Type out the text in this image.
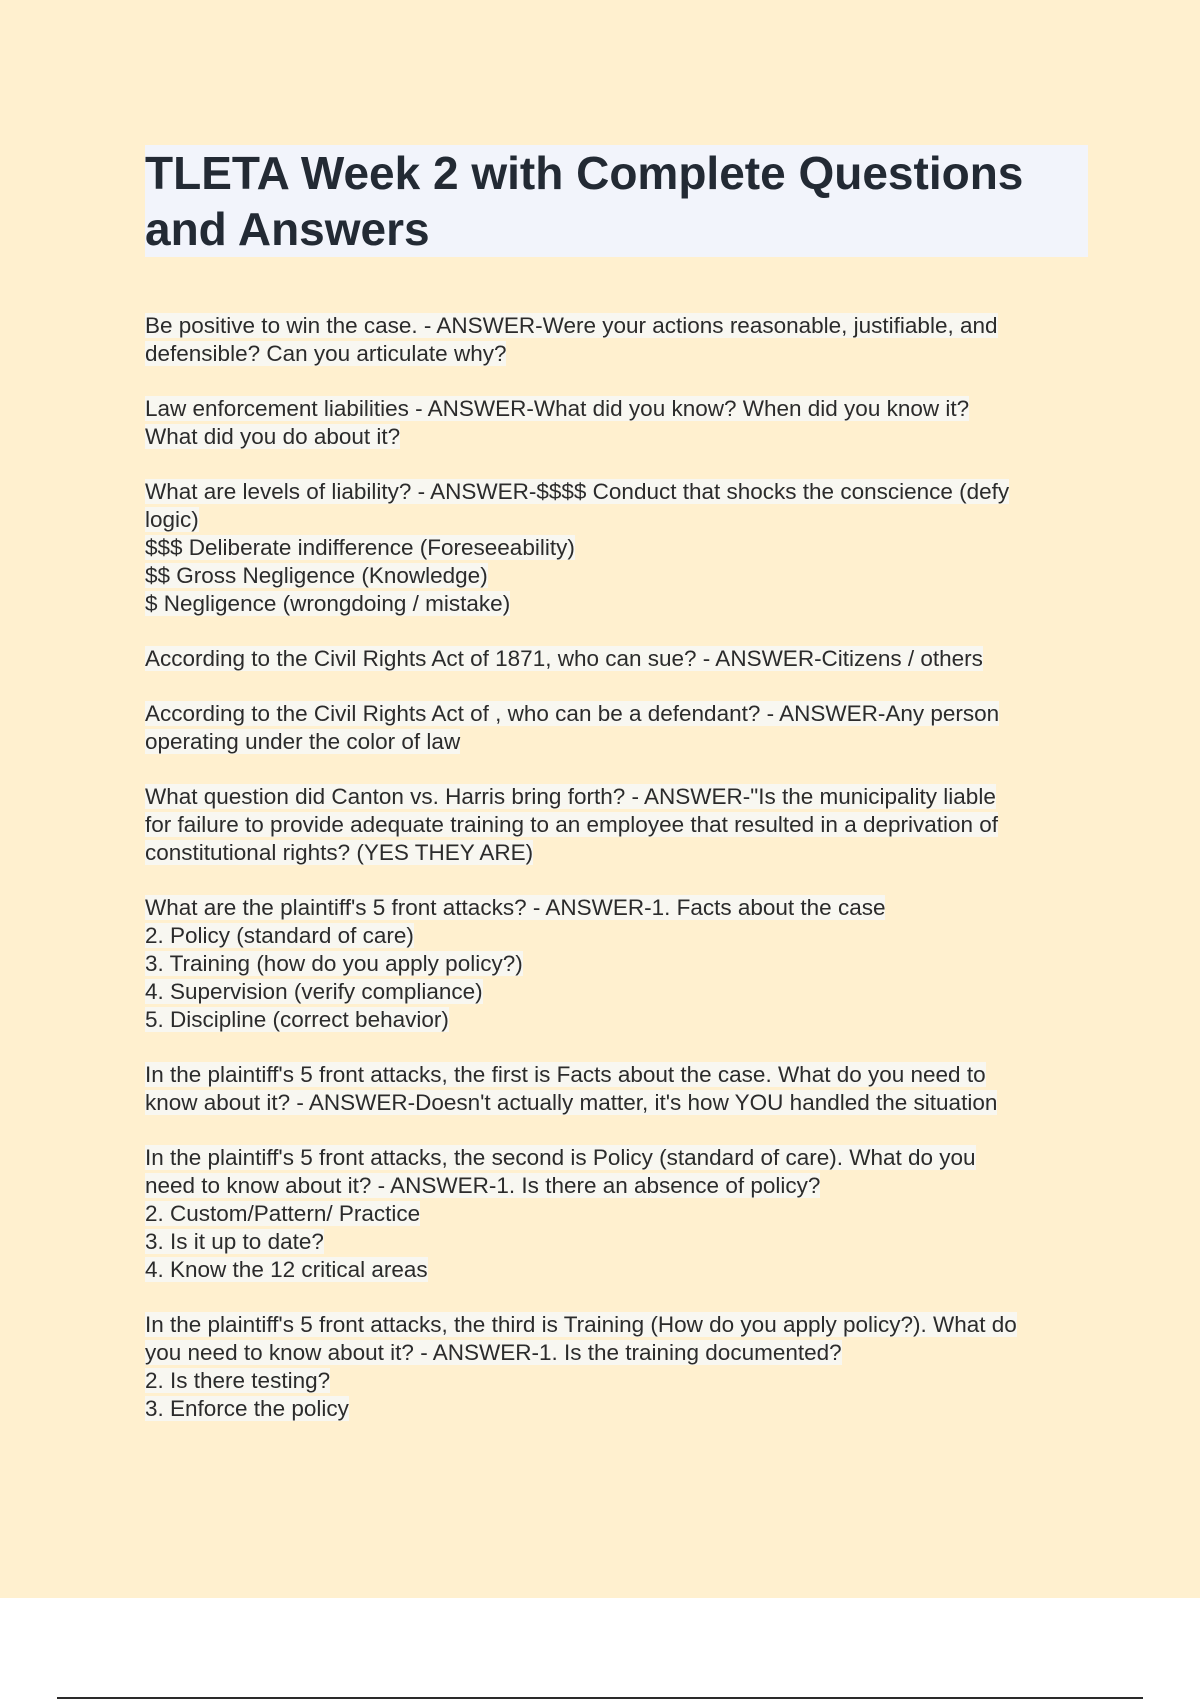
TLETA Week 2 with Complete Questions
and Answers
Be positive to win the case. - ANSWER-Were your actions reasonable, justifiable, and
defensible? Can you articulate why?
Law enforcement liabilities - ANSWER-What did you know? When did you know it?
What did you do about it?
What are levels of liability? - ANSWER-$$$$ Conduct that shocks the conscience (defy
logic)
$$$ Deliberate indifference (Foreseeability)
$$ Gross Negligence (Knowledge)
$ Negligence (wrongdoing / mistake)
According to the Civil Rights Act of 1871, who can sue? - ANSWER-Citizens / others
According to the Civil Rights Act of , who can be a defendant? - ANSWER-Any person
operating under the color of law
What question did Canton vs. Harris bring forth? - ANSWER-"Is the municipality liable
for failure to provide adequate training to an employee that resulted in a deprivation of
constitutional rights? (YES THEY ARE)
What are the plaintiff's 5 front attacks? - ANSWER-1. Facts about the case
2. Policy (standard of care)
3. Training (how do you apply policy?)
4. Supervision (verify compliance)
5. Discipline (correct behavior)
In the plaintiff's 5 front attacks, the first is Facts about the case. What do you need to
know about it? - ANSWER-Doesn't actually matter, it's how YOU handled the situation
In the plaintiff's 5 front attacks, the second is Policy (standard of care). What do you
need to know about it? - ANSWER-1. Is there an absence of policy?
2. Custom/Pattern/ Practice
3. Is it up to date?
4. Know the 12 critical areas
In the plaintiff's 5 front attacks, the third is Training (How do you apply policy?). What do
you need to know about it? - ANSWER-1. Is the training documented?
2. Is there testing?
3. Enforce the policy
